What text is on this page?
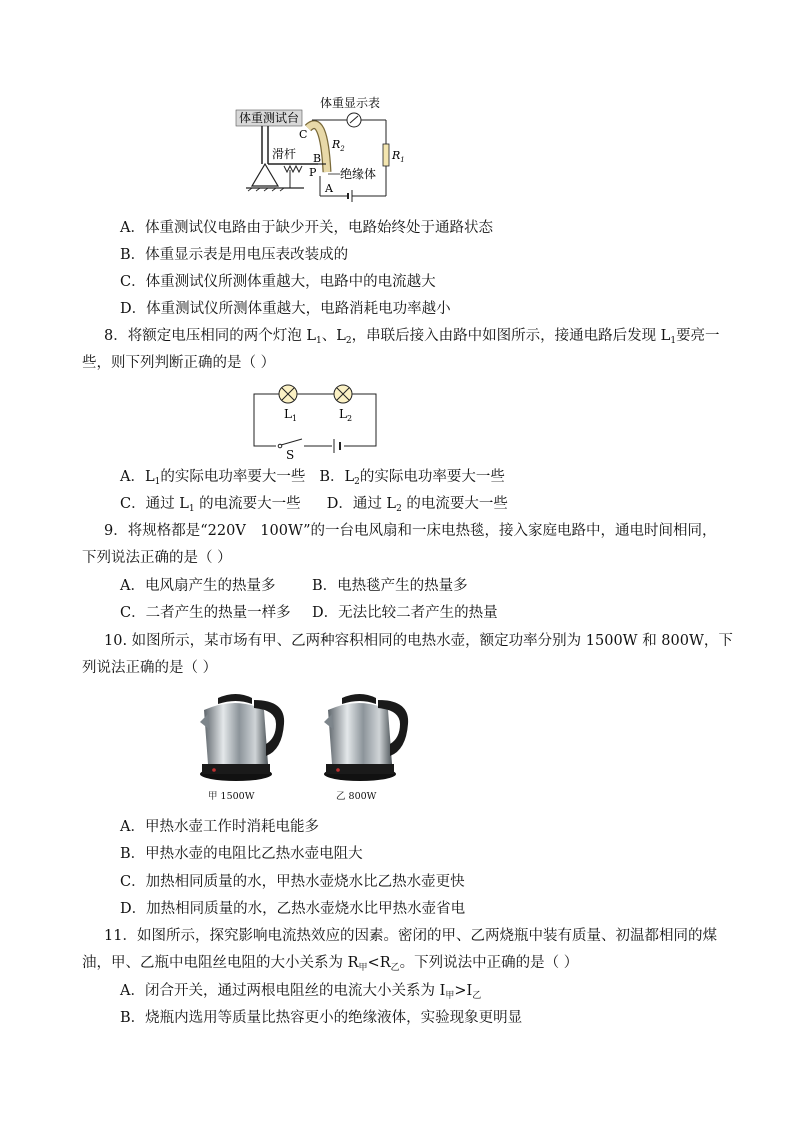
体重测试台
滑杆
C
B
P
A
$R_2$
绝缘体
体重显示表
$R_1$
A．体重测试仪电路由于缺少开关，电路始终处于通路状态
B．体重显示表是用电压表改装成的
C．体重测试仪所测体重越大，电路中的电流越大
D．体重测试仪所测体重越大，电路消耗电功率越小
8．将额定电压相同的两个灯泡 $L_1$、$L_2$，串联后接入由路中如图所示，接通电路后发现 $L_1$要亮一
些，则下列判断正确的是（ ）
$L_1$	$L_2$
S
A．$L_1$的实际电功率要大一些 B．$L_2$的实际电功率要大一些
C．通过 $L_1$ 的电流要大一些 D．通过 $L_2$ 的电流要大一些
9．将规格都是“220V　100W”的一台电风扇和一床电热毯，接入家庭电路中，通电时间相同，
下列说法正确的是（ ）
A．电风扇产生的热量多	B．电热毯产生的热量多
C．二者产生的热量一样多 D．无法比较二者产生的热量
10. 如图所示，某市场有甲、乙两种容积相同的电热水壶，额定功率分别为 1500W 和 800W，下
列说法正确的是（ ）
甲 1500W	乙 800W
A．甲热水壶工作时消耗电能多
B．甲热水壶的电阻比乙热水壶电阻大
C．加热相同质量的水，甲热水壶烧水比乙热水壶更快
D．加热相同质量的水，乙热水壶烧水比甲热水壶省电
11．如图所示，探究影响电流热效应的因素。密闭的甲、乙两烧瓶中装有质量、初温都相同的煤
油，甲、乙瓶中电阻丝电阻的大小关系为 $R_甲<R_乙$。下列说法中正确的是（ ）
A．闭合开关，通过两根电阻丝的电流大小关系为 $I_甲>I_乙$
B．烧瓶内选用等质量比热容更小的绝缘液体，实验现象更明显
